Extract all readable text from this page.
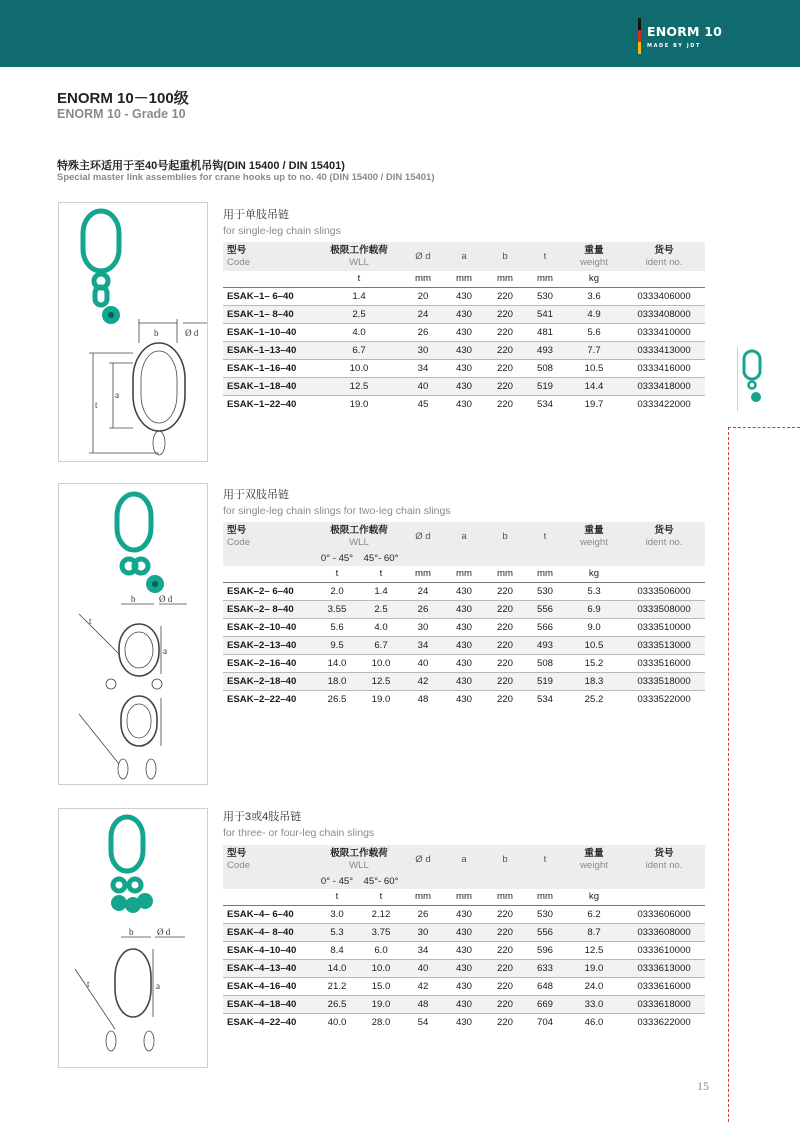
ENORM 10
MADE BY JDT
ENORM 10－100级
ENORM 10 - Grade 10
特殊主环适用于至40号起重机吊钩(DIN 15400 / DIN 15401)
Special master link assemblies for crane hooks up to no. 40 (DIN 15400 / DIN 15401)
b	Ø d
a
t
b	Ø d
a
t
b	Ø d
a
t
用于单肢吊链
for single-leg chain slings
型号
Code	极限工作载荷
WLL	Ø d	a	b	t	重量
weight	货号
ident no.

	t	mm	mm	mm	mm	kg	
ESAK–1– 6–40	1.4	20	430	220	530	3.6	0333406000
ESAK–1– 8–40	2.5	24	430	220	541	4.9	0333408000
ESAK–1–10–40	4.0	26	430	220	481	5.6	0333410000
ESAK–1–13–40	6.7	30	430	220	493	7.7	0333413000
ESAK–1–16–40	10.0	34	430	220	508	10.5	0333416000
ESAK–1–18–40	12.5	40	430	220	519	14.4	0333418000
ESAK–1–22–40	19.0	45	430	220	534	19.7	0333422000
用于双肢吊链
for single-leg chain slings for two-leg chain slings
型号
Code	极限工作载荷
WLL		Ø d	a	b	t	重量
weight	货号
ident no.

	0° - 45°	45°- 60°						
	t	t	mm	mm	mm	mm	kg	
ESAK–2– 6–40	2.0	1.4	24	430	220	530	5.3	0333506000
ESAK–2– 8–40	3.55	2.5	26	430	220	556	6.9	0333508000
ESAK–2–10–40	5.6	4.0	30	430	220	566	9.0	0333510000
ESAK–2–13–40	9.5	6.7	34	430	220	493	10.5	0333513000
ESAK–2–16–40	14.0	10.0	40	430	220	508	15.2	0333516000
ESAK–2–18–40	18.0	12.5	42	430	220	519	18.3	0333518000
ESAK–2–22–40	26.5	19.0	48	430	220	534	25.2	0333522000
用于3或4肢吊链
for three- or four-leg chain slings
型号
Code	极限工作载荷
WLL		Ø d	a	b	t	重量
weight	货号
ident no.

	0° - 45°	45°- 60°						
	t	t	mm	mm	mm	mm	kg	
ESAK–4– 6–40	3.0	2.12	26	430	220	530	6.2	0333606000
ESAK–4– 8–40	5.3	3.75	30	430	220	556	8.7	0333608000
ESAK–4–10–40	8.4	6.0	34	430	220	596	12.5	0333610000
ESAK–4–13–40	14.0	10.0	40	430	220	633	19.0	0333613000
ESAK–4–16–40	21.2	15.0	42	430	220	648	24.0	0333616000
ESAK–4–18–40	26.5	19.0	48	430	220	669	33.0	0333618000
ESAK–4–22–40	40.0	28.0	54	430	220	704	46.0	0333622000
15
